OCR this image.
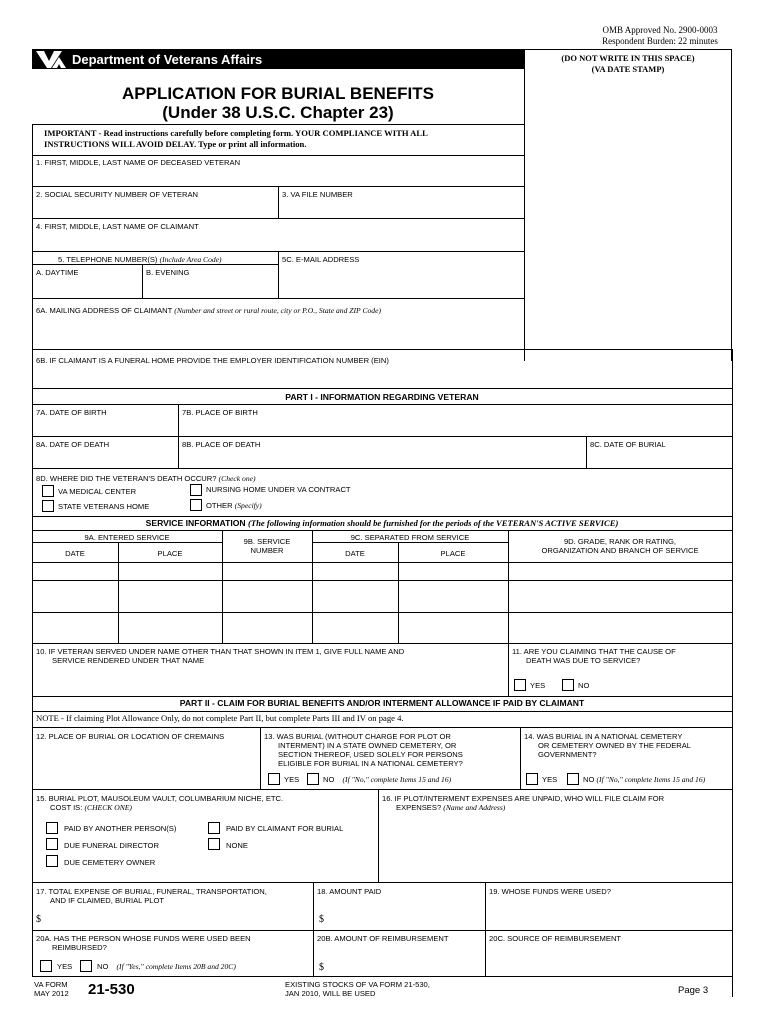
OMB Approved No. 2900-0003
Respondent Burden: 22 minutes
Department of Veterans Affairs	(DO NOT WRITE IN THIS SPACE)
(VA DATE STAMP)
APPLICATION FOR BURIAL BENEFITS
(Under 38 U.S.C. Chapter 23)
IMPORTANT - Read instructions carefully before completing form. YOUR COMPLIANCE WITH ALL
INSTRUCTIONS WILL AVOID DELAY. Type or print all information.
1. FIRST, MIDDLE, LAST NAME OF DECEASED VETERAN
2. SOCIAL SECURITY NUMBER OF VETERAN	3. VA FILE NUMBER
4. FIRST, MIDDLE, LAST NAME OF CLAIMANT
5. TELEPHONE NUMBER(S) (Include Area Code)
A. DAYTIME	B. EVENING
5C. E-MAIL ADDRESS
6A. MAILING ADDRESS OF CLAIMANT (Number and street or rural route, city or P.O., State and ZIP Code)
6B. IF CLAIMANT IS A FUNERAL HOME PROVIDE THE EMPLOYER IDENTIFICATION NUMBER (EIN)
PART I - INFORMATION REGARDING VETERAN
7A. DATE OF BIRTH	7B. PLACE OF BIRTH
8A. DATE OF DEATH	8B. PLACE OF DEATH	8C. DATE OF BURIAL
8D. WHERE DID THE VETERAN'S DEATH OCCUR? (Check one)
VA MEDICAL CENTER	NURSING HOME UNDER VA CONTRACT
STATE VETERANS HOME	OTHER (Specify)
SERVICE INFORMATION (The following information should be furnished for the periods of the VETERAN'S ACTIVE SERVICE)
9A. ENTERED SERVICE	9B. SERVICE
NUMBER
9C. SEPARATED FROM SERVICE	9D. GRADE, RANK OR RATING,
ORGANIZATION AND BRANCH OF SERVICE
DATE	PLACE	DATE	PLACE
10. IF VETERAN SERVED UNDER NAME OTHER THAN THAT SHOWN IN ITEM 1, GIVE FULL NAME AND
SERVICE RENDERED UNDER THAT NAME
11. ARE YOU CLAIMING THAT THE CAUSE OF
DEATH WAS DUE TO SERVICE?
YES	NO
PART II - CLAIM FOR BURIAL BENEFITS AND/OR INTERMENT ALLOWANCE IF PAID BY CLAIMANT
NOTE - If claiming Plot Allowance Only, do not complete Part II, but complete Parts III and IV on page 4.
12. PLACE OF BURIAL OR LOCATION OF CREMAINS	13. WAS BURIAL (WITHOUT CHARGE FOR PLOT OR
INTERMENT) IN A STATE OWNED CEMETERY, OR
SECTION THEREOF, USED SOLELY FOR PERSONS
ELIGIBLE FOR BURIAL IN A NATIONAL CEMETERY?
YES	NO (If "No," complete Items 15 and 16)
14. WAS BURIAL IN A NATIONAL CEMETERY
OR CEMETERY OWNED BY THE FEDERAL
GOVERNMENT?
YES	NO (If "No," complete Items 15 and 16)
15. BURIAL PLOT, MAUSOLEUM VAULT, COLUMBARIUM NICHE, ETC.
COST IS: (CHECK ONE)
PAID BY ANOTHER PERSON(S)	PAID BY CLAIMANT FOR BURIAL
DUE FUNERAL DIRECTOR	NONE
DUE CEMETERY OWNER
16. IF PLOT/INTERMENT EXPENSES ARE UNPAID, WHO WILL FILE CLAIM FOR
EXPENSES? (Name and Address)
17. TOTAL EXPENSE OF BURIAL, FUNERAL, TRANSPORTATION,
AND IF CLAIMED, BURIAL PLOT
$
18. AMOUNT PAID
$
19. WHOSE FUNDS WERE USED?
20A. HAS THE PERSON WHOSE FUNDS WERE USED BEEN
REIMBURSED?
YES	NO (If "Yes," complete Items 20B and 20C)
20B. AMOUNT OF REIMBURSEMENT
$
20C. SOURCE OF REIMBURSEMENT
VA FORM
MAY 2012 21-530	EXISTING STOCKS OF VA FORM 21-530,
JAN 2010, WILL BE USED	Page 3
